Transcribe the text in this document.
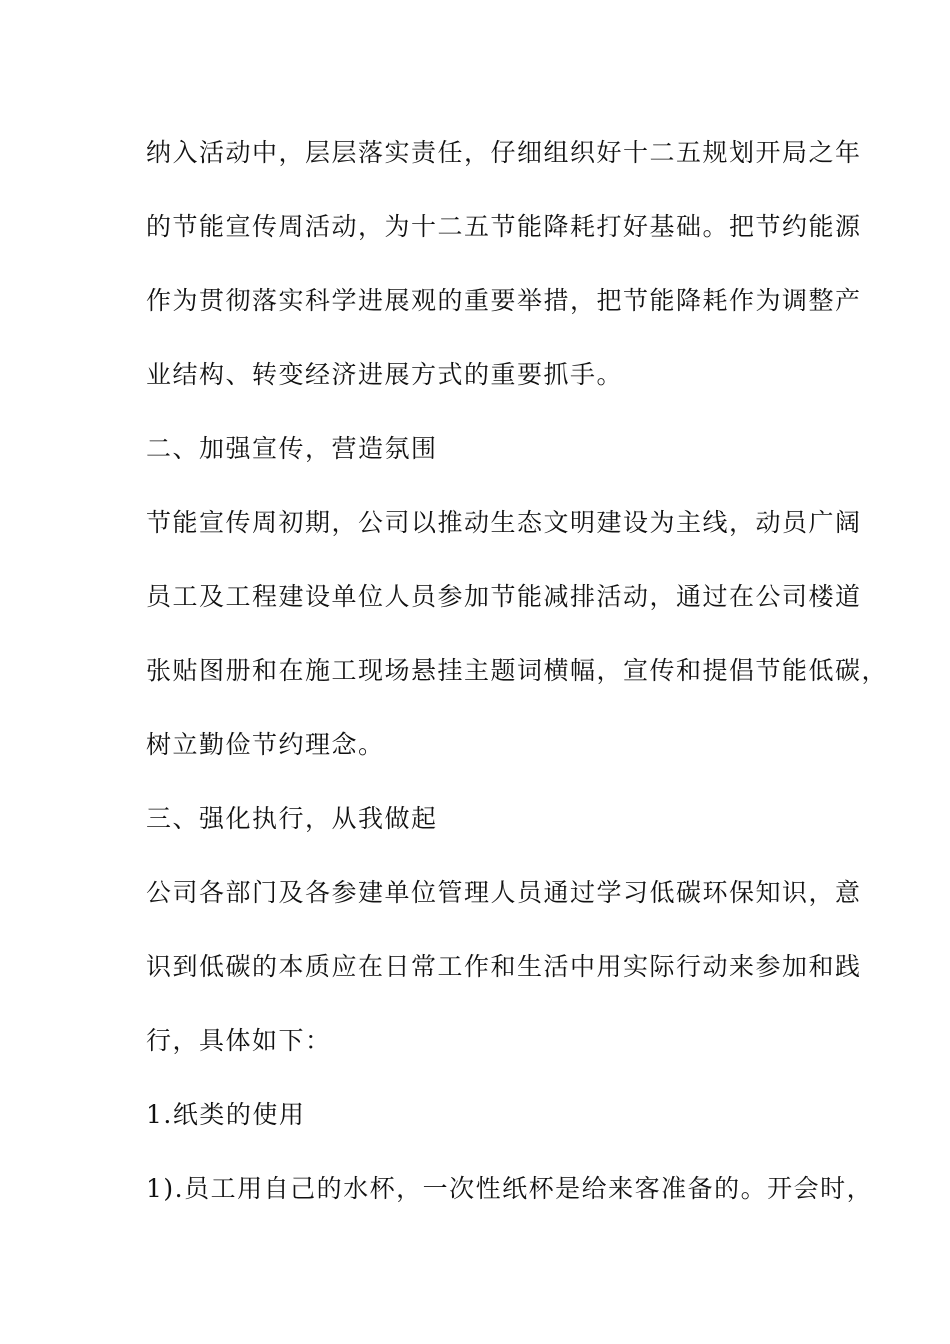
纳入活动中，层层落实责任，仔细组织好十二五规划开局之年
的节能宣传周活动，为十二五节能降耗打好基础。把节约能源
作为贯彻落实科学进展观的重要举措，把节能降耗作为调整产
业结构、转变经济进展方式的重要抓手。
二、加强宣传，营造氛围
节能宣传周初期，公司以推动生态文明建设为主线，动员广阔
员工及工程建设单位人员参加节能减排活动，通过在公司楼道
张贴图册和在施工现场悬挂主题词横幅，宣传和提倡节能低碳，
树立勤俭节约理念。
三、强化执行，从我做起
公司各部门及各参建单位管理人员通过学习低碳环保知识，意
识到低碳的本质应在日常工作和生活中用实际行动来参加和践
行，具体如下：
1.纸类的使用
1).员工用自己的水杯，一次性纸杯是给来客准备的。开会时，
